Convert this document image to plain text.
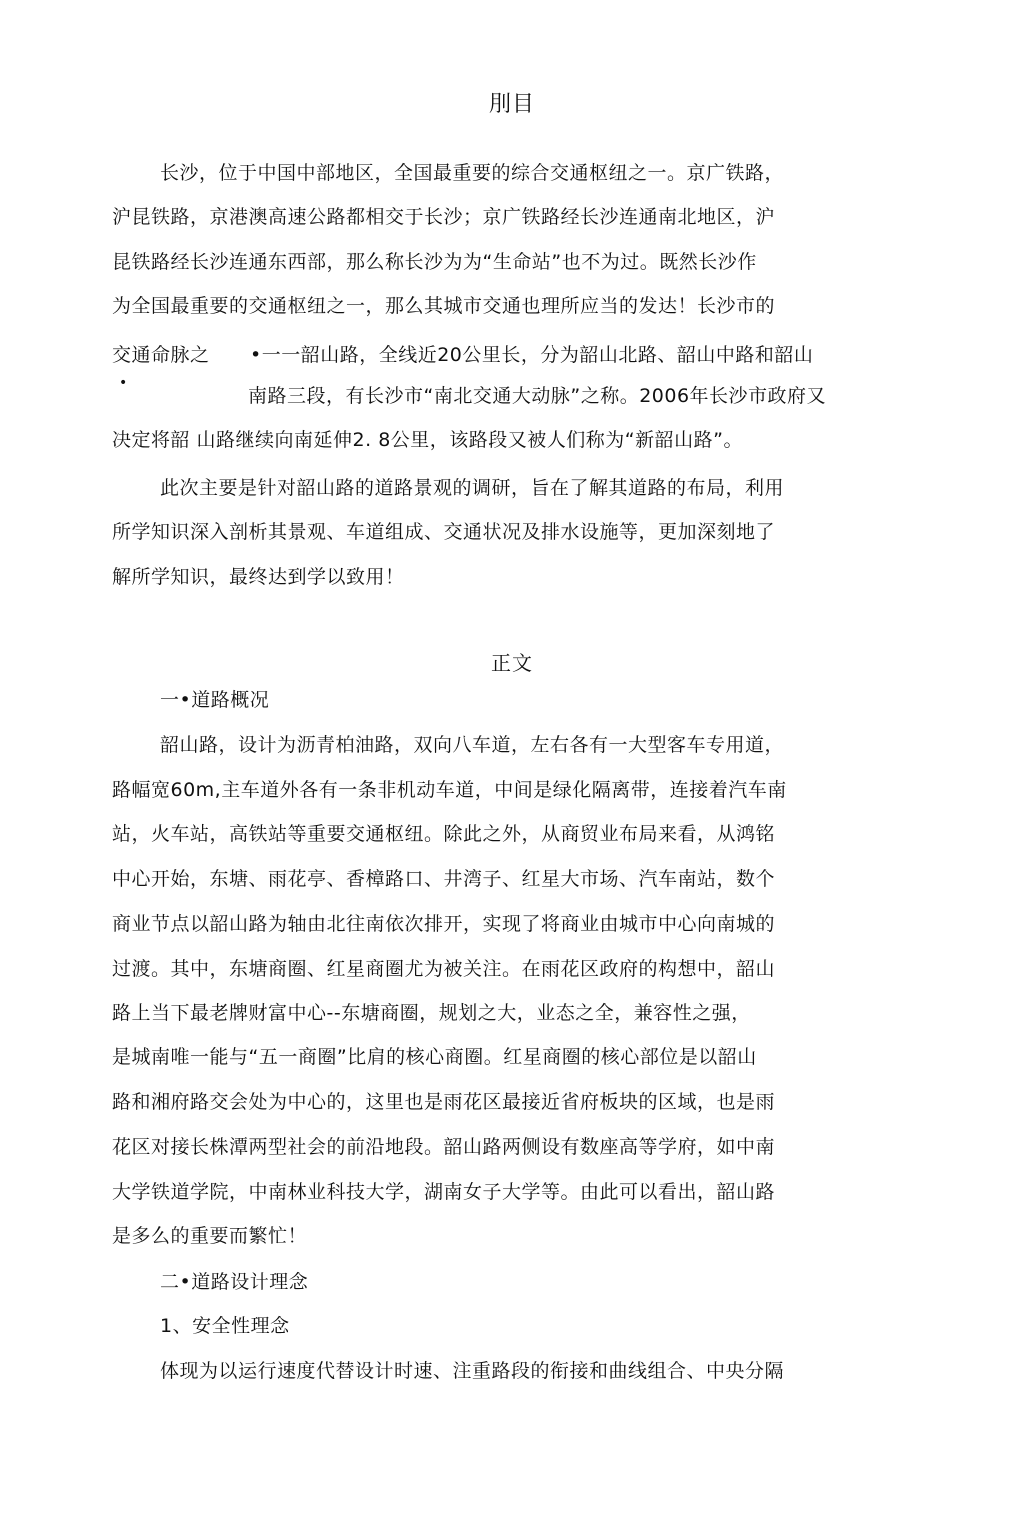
刖目
长沙，位于中国中部地区，全国最重要的综合交通枢纽之一。京广铁路，
沪昆铁路，京港澳高速公路都相交于长沙；京广铁路经长沙连通南北地区，沪
昆铁路经长沙连通东西部，那么称长沙为为“生命站”也不为过。既然长沙作
为全国最重要的交通枢纽之一，那么其城市交通也理所应当的发达！长沙市的
交通命脉之
•
•一一韶山路，全线近20公里长，分为韶山北路、韶山中路和韶山
南路三段，有长沙市“南北交通大动脉”之称。2006年长沙市政府又
决定将韶 山路继续向南延伸2. 8公里，该路段又被人们称为“新韶山路”。
此次主要是针对韶山路的道路景观的调研，旨在了解其道路的布局，利用
所学知识深入剖析其景观、车道组成、交通状况及排水设施等，更加深刻地了
解所学知识，最终达到学以致用！
正文
一•道路概况
韶山路，设计为沥青柏油路，双向八车道，左右各有一大型客车专用道，
路幅宽60m,主车道外各有一条非机动车道，中间是绿化隔离带，连接着汽车南
站，火车站，高铁站等重要交通枢纽。除此之外，从商贸业布局来看，从鸿铭
中心开始，东塘、雨花亭、香樟路口、井湾子、红星大市场、汽车南站，数个
商业节点以韶山路为轴由北往南依次排开，实现了将商业由城市中心向南城的
过渡。其中，东塘商圈、红星商圈尤为被关注。在雨花区政府的构想中，韶山
路上当下最老牌财富中心--东塘商圈，规划之大，业态之全，兼容性之强，
是城南唯一能与“五一商圈”比肩的核心商圈。红星商圈的核心部位是以韶山
路和湘府路交会处为中心的，这里也是雨花区最接近省府板块的区域，也是雨
花区对接长株潭两型社会的前沿地段。韶山路两侧设有数座高等学府，如中南
大学铁道学院，中南林业科技大学，湖南女子大学等。由此可以看出，韶山路
是多么的重要而繁忙！
二•道路设计理念
1、安全性理念
体现为以运行速度代替设计时速、注重路段的衔接和曲线组合、中央分隔
